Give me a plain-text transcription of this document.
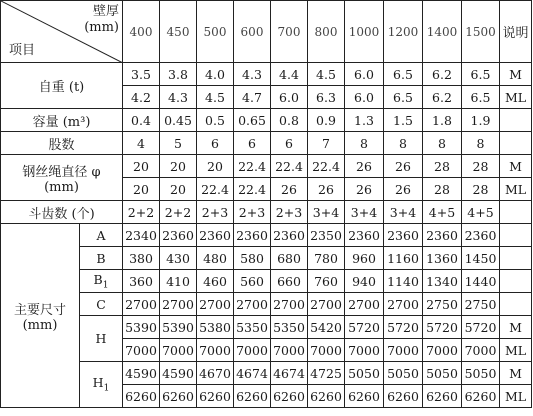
壁厚
(mm)
项目		400	450	500	600	700	800	1000	1200	1400	1500	说明
自重 (t)		3.5	3.8	4.0	4.3	4.4	4.5	6.0	6.5	6.2	6.5	M
		4.2	4.3	4.5	4.7	6.0	6.3	6.0	6.5	6.2	6.5	ML
容量 (m³)		0.4	0.45	0.5	0.65	0.8	0.9	1.3	1.5	1.8	1.9	
股数		4	5	6	6	6	7	8	8	8	8	

钢丝绳直径 φ
(mm)		20	20	20	22.4	22.4	22.4	26	26	28	28	M
		20	20	22.4	22.4	26	26	26	26	28	28	ML
斗齿数 (个)		2+2	2+2	2+3	2+3	2+3	3+4	3+4	3+4	4+5	4+5	

主要尺寸
(mm)	A	2340	2360	2360	2360	2360	2350	2360	2360	2360	2360	
	B	380	430	480	580	680	780	960	1160	1360	1450	
	$B_1$	360	410	460	560	660	760	940	1140	1340	1440	
	C	2700	2700	2700	2700	2700	2700	2700	2700	2750	2750	
	H	5390	5390	5380	5350	5350	5420	5720	5720	5720	5720	M
		7000	7000	7000	7000	7000	7000	7000	7000	7000	7000	ML
	$H_1$	4590	4590	4670	4674	4674	4725	5050	5050	5050	5050	M
		6260	6260	6260	6260	6260	6260	6260	6260	6260	6260	ML
